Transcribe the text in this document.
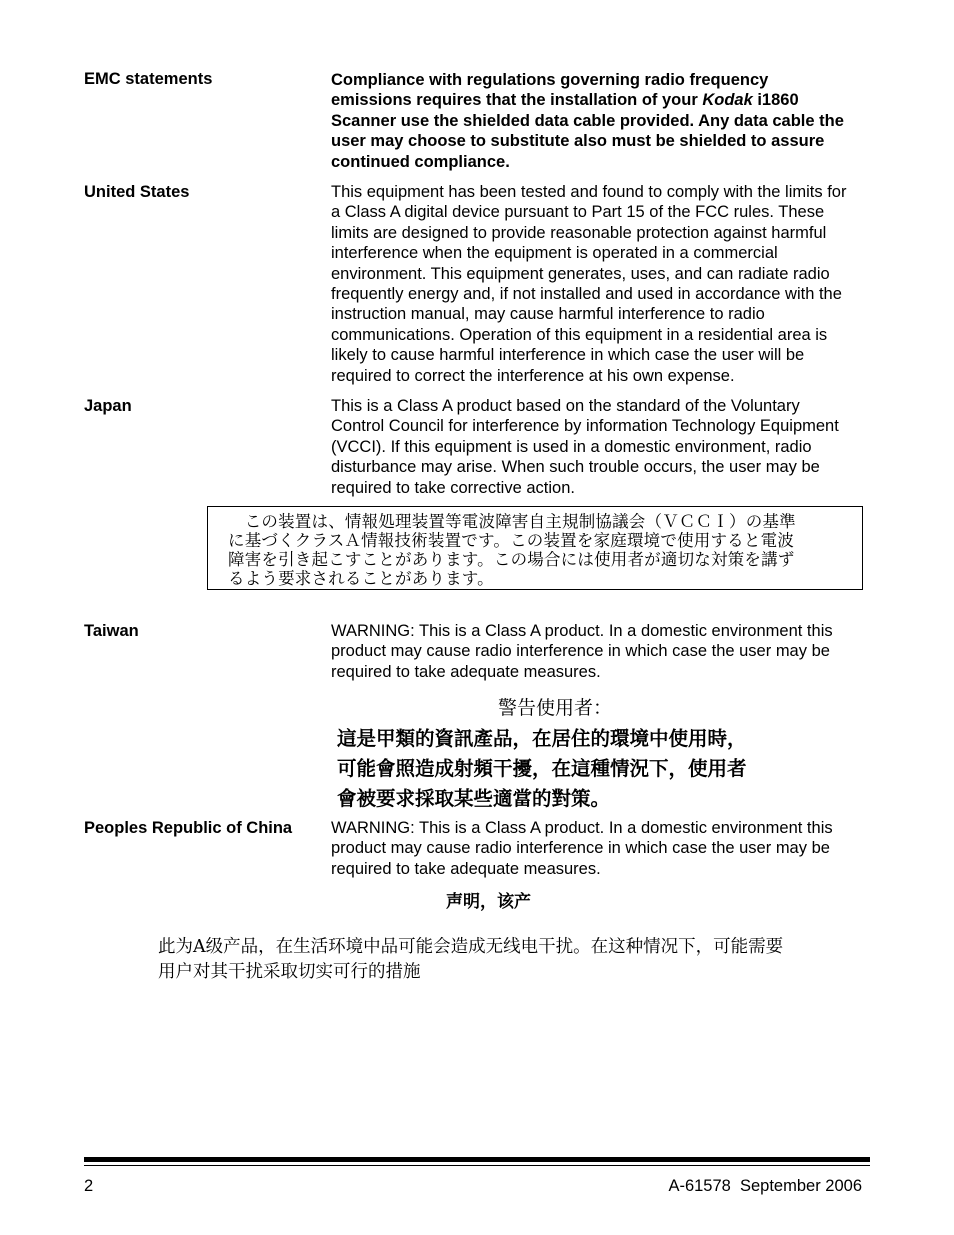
EMC statements	Compliance with regulations governing radio frequency
emissions requires that the installation of your Kodak i1860
Scanner use the shielded data cable provided. Any data cable the
user may choose to substitute also must be shielded to assure
continued compliance.
United States	This equipment has been tested and found to comply with the limits for
a Class A digital device pursuant to Part 15 of the FCC rules. These
limits are designed to provide reasonable protection against harmful
interference when the equipment is operated in a commercial
environment. This equipment generates, uses, and can radiate radio
frequently energy and, if not installed and used in accordance with the
instruction manual, may cause harmful interference to radio
communications. Operation of this equipment in a residential area is
likely to cause harmful interference in which case the user will be
required to correct the interference at his own expense.
Japan	This is a Class A product based on the standard of the Voluntary
Control Council for interference by information Technology Equipment
(VCCI). If this equipment is used in a domestic environment, radio
disturbance may arise. When such trouble occurs, the user may be
required to take corrective action.
　この装置は、情報処理装置等電波障害自主規制協議会（ＶＣＣＩ）の基準
に基づくクラスＡ情報技術装置です。この装置を家庭環境で使用すると電波
障害を引き起こすことがあります。この場合には使用者が適切な対策を講ず
るよう要求されることがあります。
Taiwan	WARNING: This is a Class A product. In a domestic environment this
product may cause radio interference in which case the user may be
required to take adequate measures.
警告使用者：
這是甲類的資訊產品，在居住的環境中使用時，
可能會照造成射頻干擾，在這種情況下，使用者
會被要求採取某些適當的對策。
Peoples Republic of China	WARNING: This is a Class A product. In a domestic environment this
product may cause radio interference in which case the user may be
required to take adequate measures.
声明，该产
此为A级产品，在生活环境中品可能会造成无线电干扰。在这种情况下，可能需要
用户对其干扰采取切实可行的措施
2	A-61578  September 2006
